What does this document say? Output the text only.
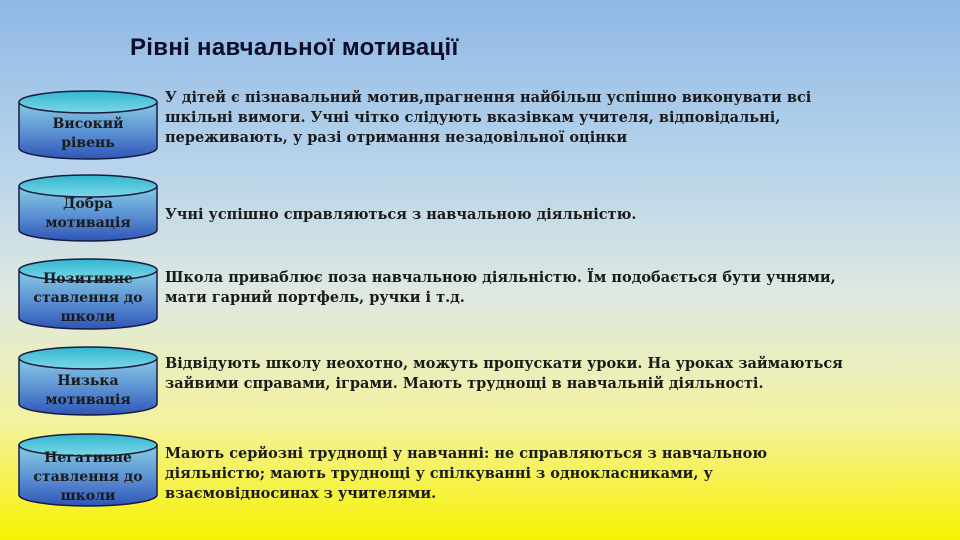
Рівні навчальної мотивації
Високий
рівень
У дітей є пізнавальний мотив,прагнення найбільш успішно виконувати всі шкільні вимоги. Учні чітко слідують вказівкам учителя, відповідальні, переживають, у разі отримання незадовільної оцінки
Добра
мотивація	Учні успішно справляються з навчальною діяльністю.
Позитивне
ставлення до
школи
Школа приваблює поза навчальною діяльністю. Їм подобається бути учнями, мати гарний портфель, ручки і т.д.
Низька
мотивація
Відвідують школу неохотно, можуть пропускати уроки. На уроках займаються зайвими справами, іграми. Мають труднощі в навчальній діяльності.
Негативне
ставлення до
школи
Мають серйозні труднощі у навчанні: не справляються з навчальною діяльністю; мають труднощі у спілкуванні з однокласниками, у взаємовідносинах з учителями.
